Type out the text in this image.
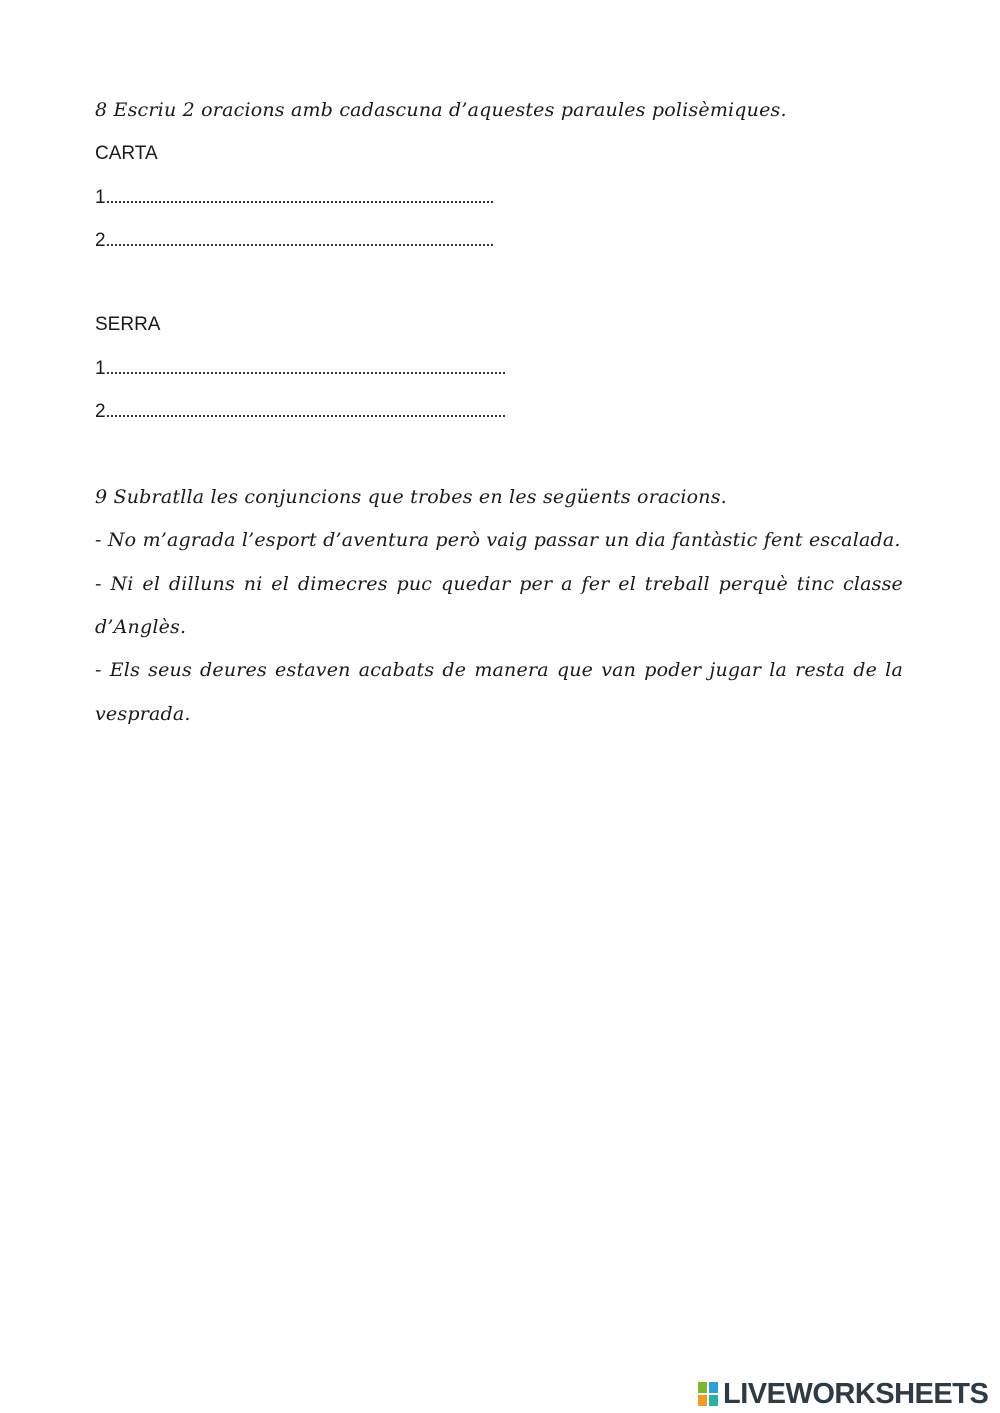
8 Escriu 2 oracions amb cadascuna d’aquestes paraules polisèmiques.
CARTA
1
2
SERRA
1
2
9 Subratlla les conjuncions que trobes en les següents oracions.
- No m’agrada l’esport d’aventura però vaig passar un dia fantàstic fent escalada.
- Ni el dilluns ni el dimecres puc quedar per a fer el treball perquè tinc classe
d’Anglès.
- Els seus deures estaven acabats de manera que van poder jugar la resta de la
vesprada.
LIVEWORKSHEETS
